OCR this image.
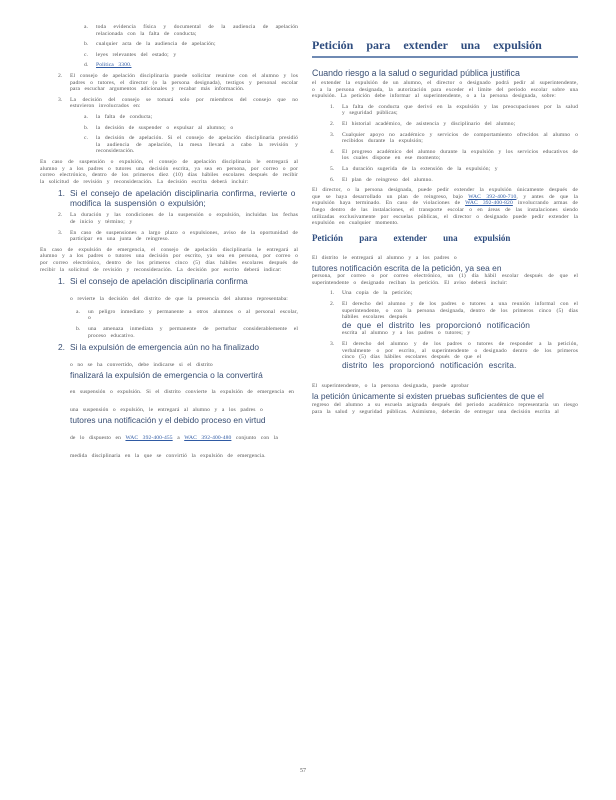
a.	toda evidencia física y documental de la audiencia de apelación relacionada con la falta de conducta;
b.	cualquier acta de la audiencia de apelación;
c.	leyes relevantes del estado; y
d.	Política 3300.
2.	El consejo de apelación disciplinaria puede solicitar reunirse con el alumno y los padres o tutores, el director (o la persona designada), testigos y personal escolar para escuchar argumentos adicionales y recabar más información.
3.	La decisión del consejo se tomará solo por miembros del consejo que no estuvieron involucrados en:
a.	la falta de conducta;
b.	la decisión de suspender o expulsar al alumno; o
c.	la decisión de apelación. Si el consejo de apelación disciplinaria presidió la audiencia de apelación, la mesa llevará a cabo la revisión y reconsideración.
En caso de suspensión o expulsión, el consejo de apelación disciplinaria le entregará al alumno y a los padres o tutores una decisión escrita, ya sea en persona, por correo o por correo electrónico, dentro de los primeros diez (10) días hábiles escolares después de recibir la solicitud de revisión y reconsideración. La decisión escrita deberá incluir:
1. Si el consejo de apelación disciplinaria confirma, revierte o modifica la suspensión o expulsión;
2.	La duración y las condiciones de la suspensión o expulsión, incluidas las fechas de inicio y término; y
3.	En caso de suspensiones a largo plazo o expulsiones, aviso de la oportunidad de participar en una junta de reingreso.
En caso de expulsión de emergencia, el consejo de apelación disciplinaria le entregará al alumno y a los padres o tutores una decisión por escrito, ya sea en persona, por correo o por correo electrónico, dentro de los primeros cinco (5) días hábiles escolares después de recibir la solicitud de revisión y reconsideración. La decisión por escrito deberá indicar:
1. Si el consejo de apelación disciplinaria confirma
o revierte la decisión del distrito de que la presencia del alumno representaba:
a.	un peligro inmediato y permanente a otros alumnos o al personal escolar, o
b.	una amenaza inmediata y permanente de perturbar considerablemente el proceso educativo.
2. Si la expulsión de emergencia aún no ha finalizado
o no se ha convertido, debe indicarse si el distrito
finalizará la expulsión de emergencia o la convertirá
en suspensión o expulsión. Si el distrito convierte la expulsión de emergencia en una suspensión o expulsión, le entregará al alumno y a los padres o
tutores una notificación y el debido proceso en virtud
de lo dispuesto en WAC 392-400-455 a WAC 392-400-480 conjunto con la medida disciplinaria en la que se convirtió la expulsión de emergencia.
Petición para extender una expulsión
Cuando riesgo a la salud o seguridad pública justifica
el extender la expulsión de un alumno, el director o designado podrá pedir al superintendente, o a la persona designada, la autorización para exceder el límite del periodo escolar sobre una expulsión. La petición debe informar al superintendente, o a la persona designada, sobre:
1.	La falta de conducta que derivó en la expulsión y las preocupaciones por la salud y seguridad públicas;
2.	El historial académico, de asistencia y disciplinario del alumno;
3.	Cualquier apoyo no académico y servicios de comportamiento ofrecidos al alumno o recibidos durante la expulsión;
4.	El progreso académico del alumno durante la expulsión y los servicios educativos de los cuales dispone en ese momento;
5.	La duración sugerida de la extensión de la expulsión; y
6.	El plan de reingreso del alumno.
El director, o la persona designada, puede pedir extender la expulsión únicamente después de que se haya desarrollado un plan de reingreso, bajo WAC 392-400-710, y antes de que la expulsión haya terminado. En caso de violaciones de WAC 392-400-820 involucrando armas de fuego dentro de las instalaciones, el transporte escolar o en áreas de las instalaciones siendo utilizadas exclusivamente por escuelas públicas, el director o designado puede pedir extender la expulsión en cualquier momento.
Petición para extender una expulsión
El distrito le entregará al alumno y a los padres o
tutores notificación escrita de la petición, ya sea en
persona, por correo o por correo electrónico, un (1) día hábil escolar después de que el superintendente o designado reciban la petición. El aviso deberá incluir:
1.	Una copia de la petición;
2.	El derecho del alumno y de los padres o tutores a una reunión informal con el superintendente, o con la persona designada, dentro de los primeros cinco (5) días hábiles escolares después
de que el distrito les proporcionó notificación
escrita al alumno y a los padres o tutores; y
3.	El derecho del alumno y de los padres o tutores de responder a la petición, verbalmente o por escrito, al superintendente o designado dentro de los primeros cinco (5) días hábiles escolares después de que el
distrito les proporcionó notificación escrita.
El superintendente, o la persona designada, puede aprobar
la petición únicamente si existen pruebas suficientes de que el
regreso del alumno a su escuela asignada después del periodo académico representaría un riesgo para la salud y seguridad públicas. Asimismo, deberán de entregar una decisión escrita al
57
